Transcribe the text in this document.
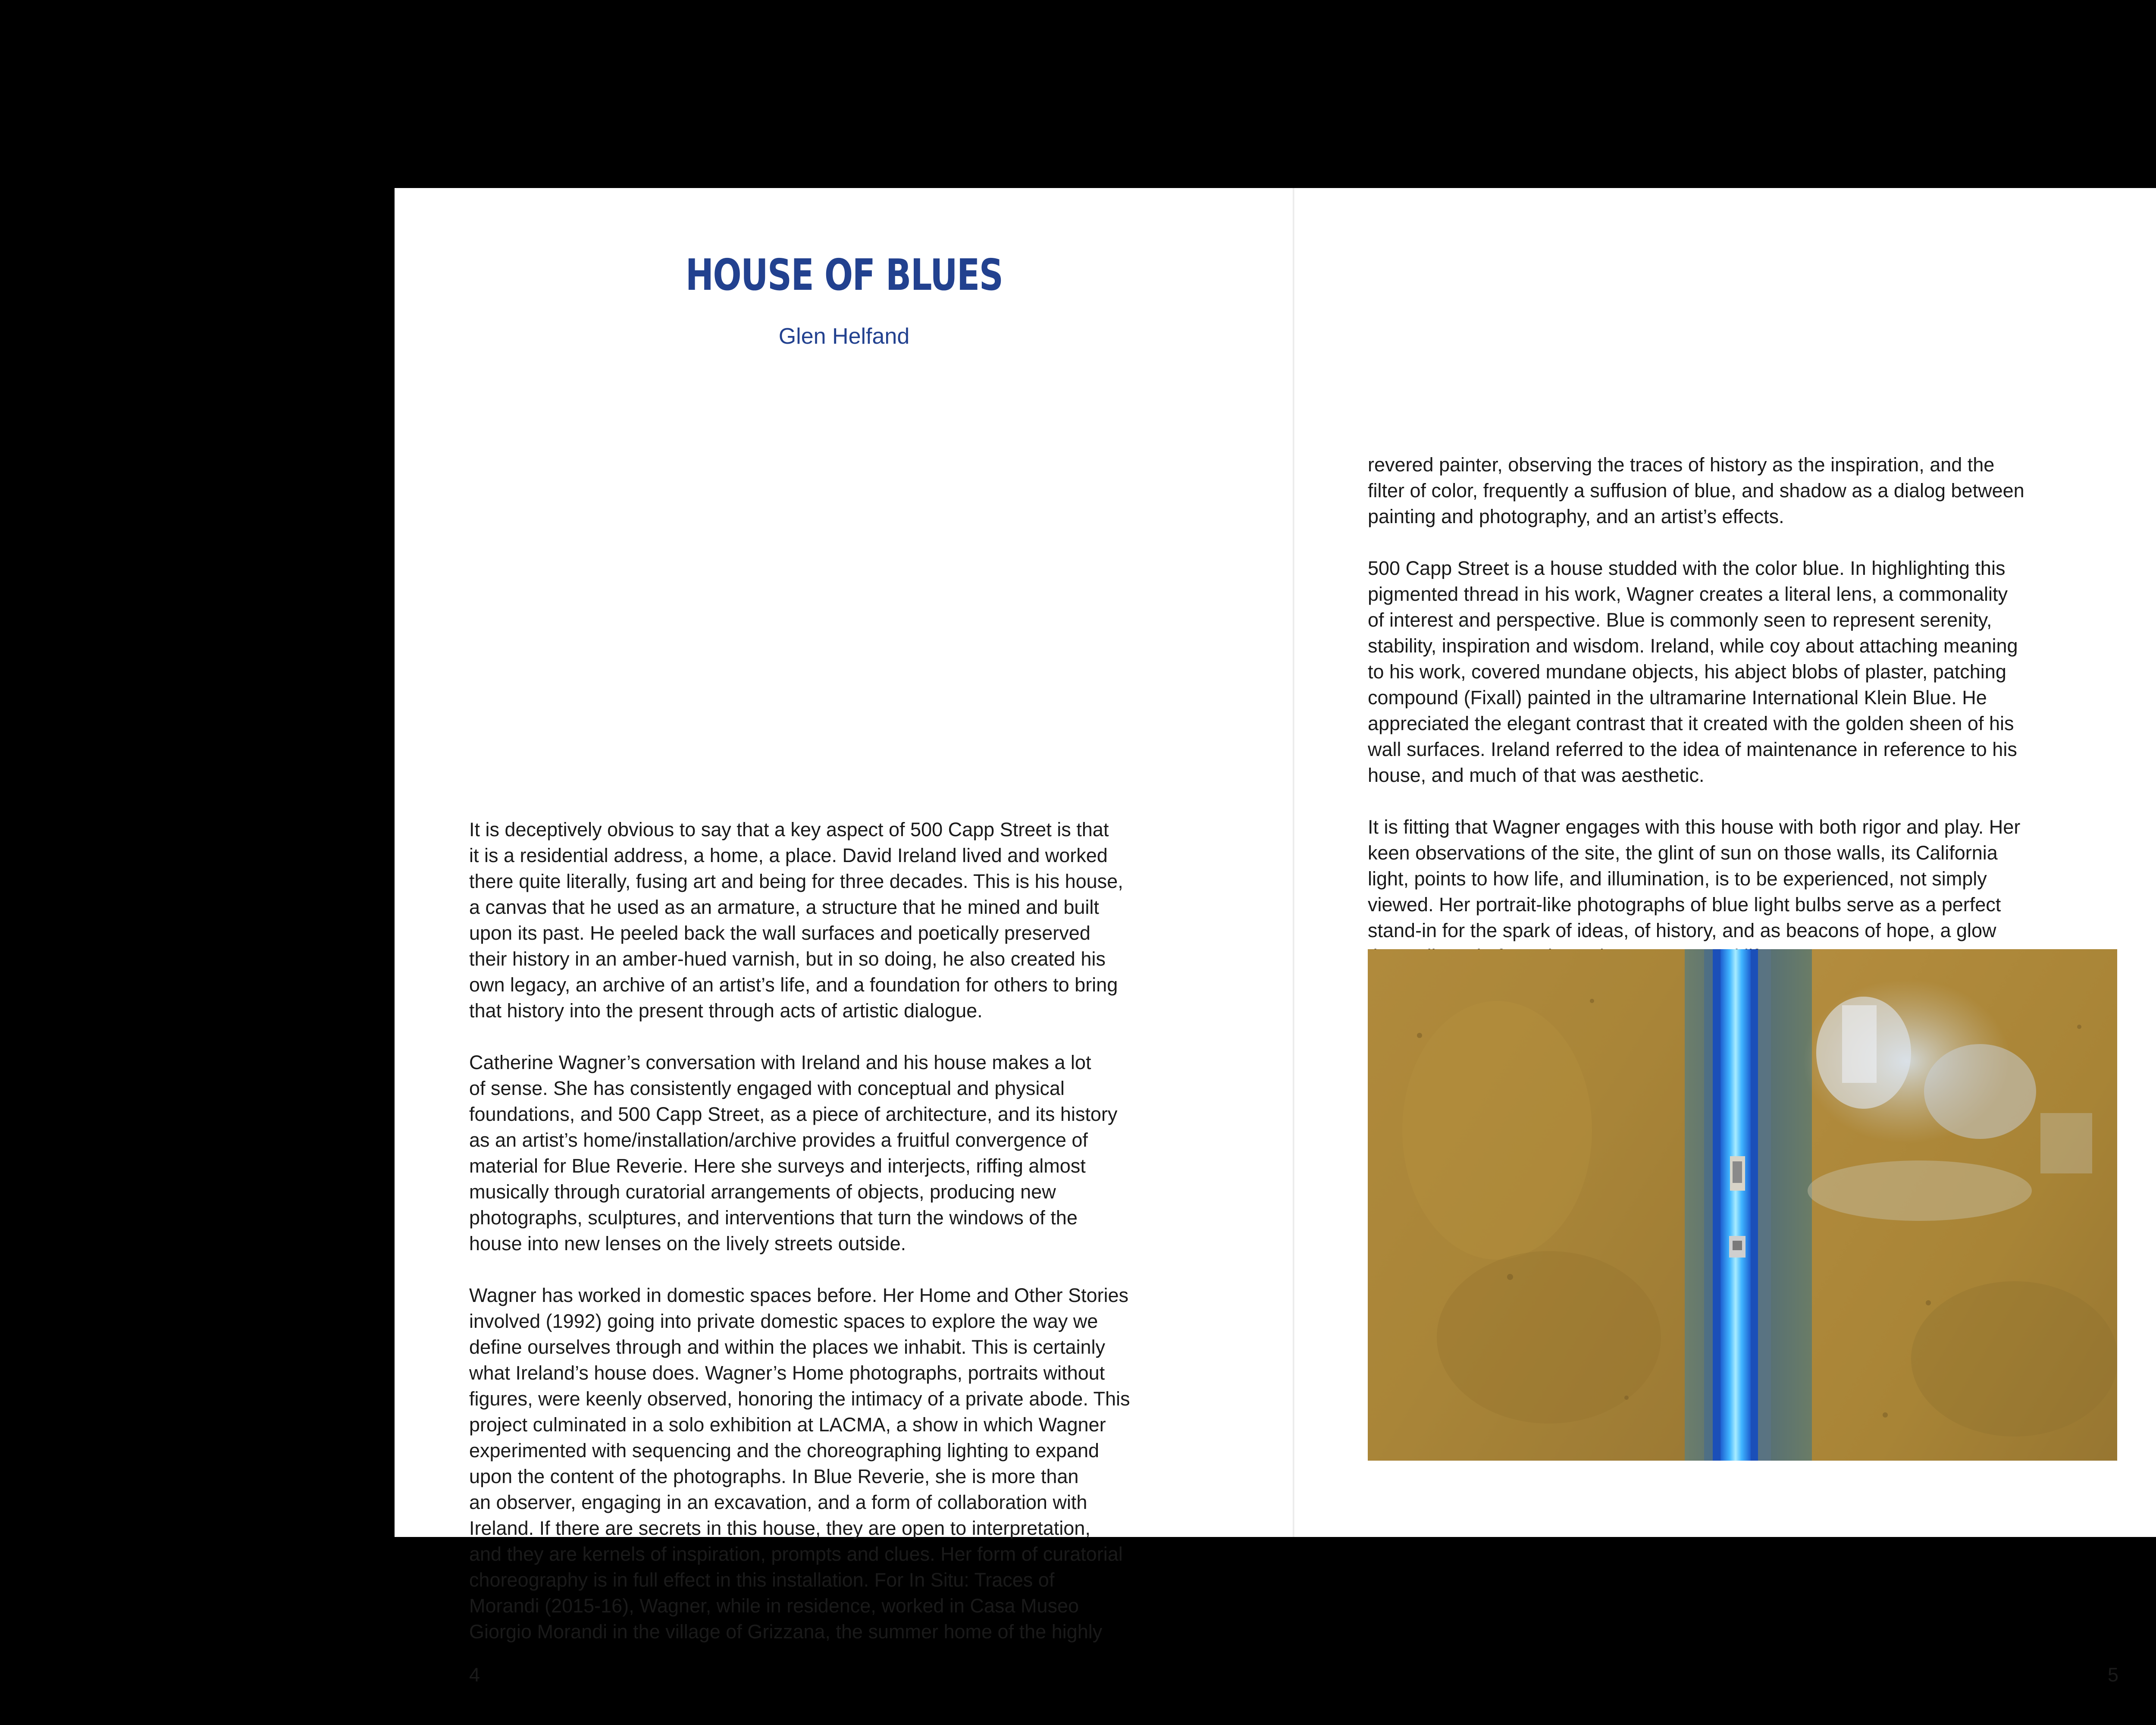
HOUSE OF BLUES
Glen Helfand

It is deceptively obvious to say that a key aspect of 500 Capp Street is that
it is a residential address, a home, a place. David Ireland lived and worked
there quite literally, fusing art and being for three decades. This is his house,
a canvas that he used as an armature, a structure that he mined and built
upon its past. He peeled back the wall surfaces and poetically preserved
their history in an amber-hued varnish, but in so doing, he also created his
own legacy, an archive of an artist’s life, and a foundation for others to bring
that history into the present through acts of artistic dialogue.

Catherine Wagner’s conversation with Ireland and his house makes a lot
of sense. She has consistently engaged with conceptual and physical
foundations, and 500 Capp Street, as a piece of architecture, and its history
as an artist’s home/installation/archive provides a fruitful convergence of
material for Blue Reverie. Here she surveys and interjects, riffing almost
musically through curatorial arrangements of objects, producing new
photographs, sculptures, and interventions that turn the windows of the
house into new lenses on the lively streets outside.

Wagner has worked in domestic spaces before. Her Home and Other Stories
involved (1992) going into private domestic spaces to explore the way we
define ourselves through and within the places we inhabit. This is certainly
what Ireland’s house does. Wagner’s Home photographs, portraits without
figures, were keenly observed, honoring the intimacy of a private abode. This
project culminated in a solo exhibition at LACMA, a show in which Wagner
experimented with sequencing and the choreographing lighting to expand
upon the content of the photographs. In Blue Reverie, she is more than
an observer, engaging in an excavation, and a form of collaboration with
Ireland. If there are secrets in this house, they are open to interpretation,
and they are kernels of inspiration, prompts and clues. Her form of curatorial
choreography is in full effect in this installation. For In Situ: Traces of
Morandi (2015-16), Wagner, while in residence, worked in Casa Museo
Giorgio Morandi in the village of Grizzana, the summer home of the highly

4

revered painter, observing the traces of history as the inspiration, and the
filter of color, frequently a suffusion of blue, and shadow as a dialog between
painting and photography, and an artist’s effects.

500 Capp Street is a house studded with the color blue. In highlighting this
pigmented thread in his work, Wagner creates a literal lens, a commonality
of interest and perspective. Blue is commonly seen to represent serenity,
stability, inspiration and wisdom. Ireland, while coy about attaching meaning
to his work, covered mundane objects, his abject blobs of plaster, patching
compound (Fixall) painted in the ultramarine International Klein Blue. He
appreciated the elegant contrast that it created with the golden sheen of his
wall surfaces. Ireland referred to the idea of maintenance in reference to his
house, and much of that was aesthetic.

It is fitting that Wagner engages with this house with both rigor and play. Her
keen observations of the site, the glint of sun on those walls, its California
light, points to how life, and illumination, is to be experienced, not simply
viewed. Her portrait-like photographs of blue light bulbs serve as a perfect
stand-in for the spark of ideas, of history, and as beacons of hope, a glow

5
